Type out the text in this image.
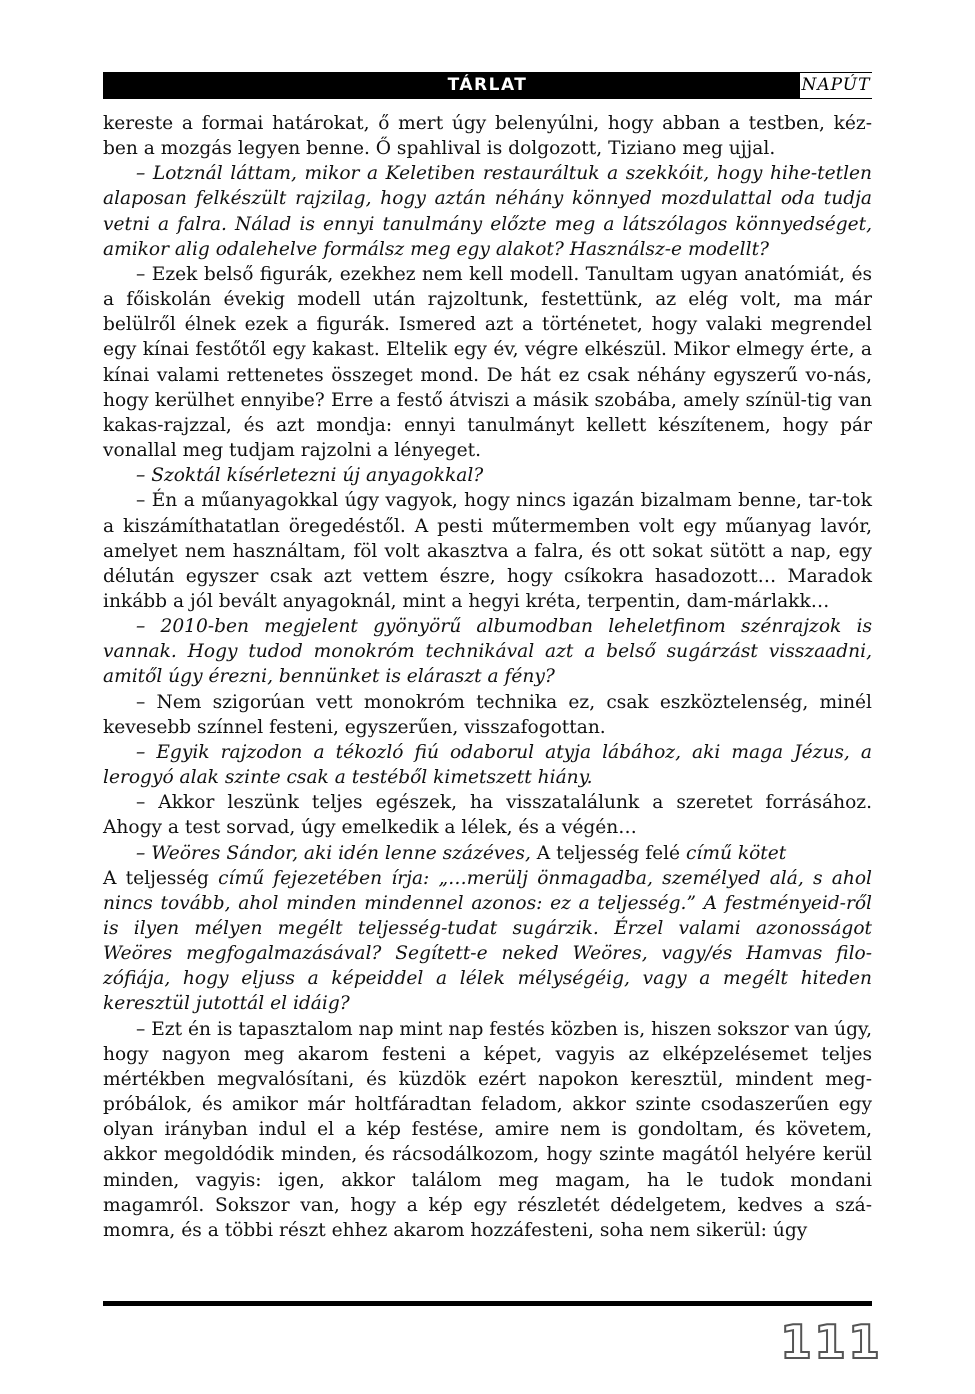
TÁRLAT	NAPÚT

kereste a formai határokat, ő mert úgy belenyúlni, hogy abban a testben, kéz-ben a mozgás legyen benne. Ő spahlival is dolgozott, Tiziano meg ujjal.

– Lotznál láttam, mikor a Keletiben restauráltuk a szekkóit, hogy hihe-tetlen alaposan felkészült rajzilag, hogy aztán néhány könnyed mozdulattal oda tudja vetni a falra. Nálad is ennyi tanulmány előzte meg a látszólagos könnyedséget, amikor alig odalehelve formálsz meg egy alakot? Használsz-e modellt?

– Ezek belső figurák, ezekhez nem kell modell. Tanultam ugyan anatómiát, és a főiskolán évekig modell után rajzoltunk, festettünk, az elég volt, ma már belülről élnek ezek a figurák. Ismered azt a történetet, hogy valaki megrendel egy kínai festőtől egy kakast. Eltelik egy év, végre elkészül. Mikor elmegy érte, a kínai valami rettenetes összeget mond. De hát ez csak néhány egyszerű vo-nás, hogy kerülhet ennyibe? Erre a festő átviszi a másik szobába, amely színül-tig van kakas-rajzzal, és azt mondja: ennyi tanulmányt kellett készítenem, hogy pár vonallal meg tudjam rajzolni a lényeget.

– Szoktál kísérletezni új anyagokkal?

– Én a műanyagokkal úgy vagyok, hogy nincs igazán bizalmam benne, tar-tok a kiszámíthatatlan öregedéstől. A pesti műtermemben volt egy műanyag lavór, amelyet nem használtam, föl volt akasztva a falra, és ott sokat sütött a nap, egy délután egyszer csak azt vettem észre, hogy csíkokra hasadozott… Maradok inkább a jól bevált anyagoknál, mint a hegyi kréta, terpentin, dam-márlakk…

– 2010-ben megjelent gyönyörű albumodban leheletfinom szénrajzok is vannak. Hogy tudod monokróm technikával azt a belső sugárzást visszaadni, amitől úgy érezni, bennünket is eláraszt a fény?

– Nem szigorúan vett monokróm technika ez, csak eszköztelenség, minél kevesebb színnel festeni, egyszerűen, visszafogottan.

– Egyik rajzodon a tékozló fiú odaborul atyja lábához, aki maga Jézus, a lerogyó alak szinte csak a testéből kimetszett hiány.

– Akkor leszünk teljes egészek, ha visszatalálunk a szeretet forrásához. Ahogy a test sorvad, úgy emelkedik a lélek, és a végén…

– Weöres Sándor, aki idén lenne százéves, A teljesség felé című kötet
A teljesség című fejezetében írja: „…merülj önmagadba, személyed alá, s ahol nincs tovább, ahol minden mindennel azonos: ez a teljesség.” A festményeid-ről is ilyen mélyen megélt teljesség-tudat sugárzik. Érzel valami azonosságot Weöres megfogalmazásával? Segített-e neked Weöres, vagy/és Hamvas filo-zófiája, hogy eljuss a képeiddel a lélek mélységéig, vagy a megélt hiteden keresztül jutottál el idáig?

– Ezt én is tapasztalom nap mint nap festés közben is, hiszen sokszor van úgy, hogy nagyon meg akarom festeni a képet, vagyis az elképzelésemet teljes mértékben megvalósítani, és küzdök ezért napokon keresztül, mindent meg-próbálok, és amikor már holtfáradtan feladom, akkor szinte csodaszerűen egy olyan irányban indul el a kép festése, amire nem is gondoltam, és követem, akkor megoldódik minden, és rácsodálkozom, hogy szinte magától helyére kerül minden, vagyis: igen, akkor találom meg magam, ha le tudok mondani magamról. Sokszor van, hogy a kép egy részletét dédelgetem, kedves a szá-momra, és a többi részt ehhez akarom hozzáfesteni, soha nem sikerül: úgy

111
